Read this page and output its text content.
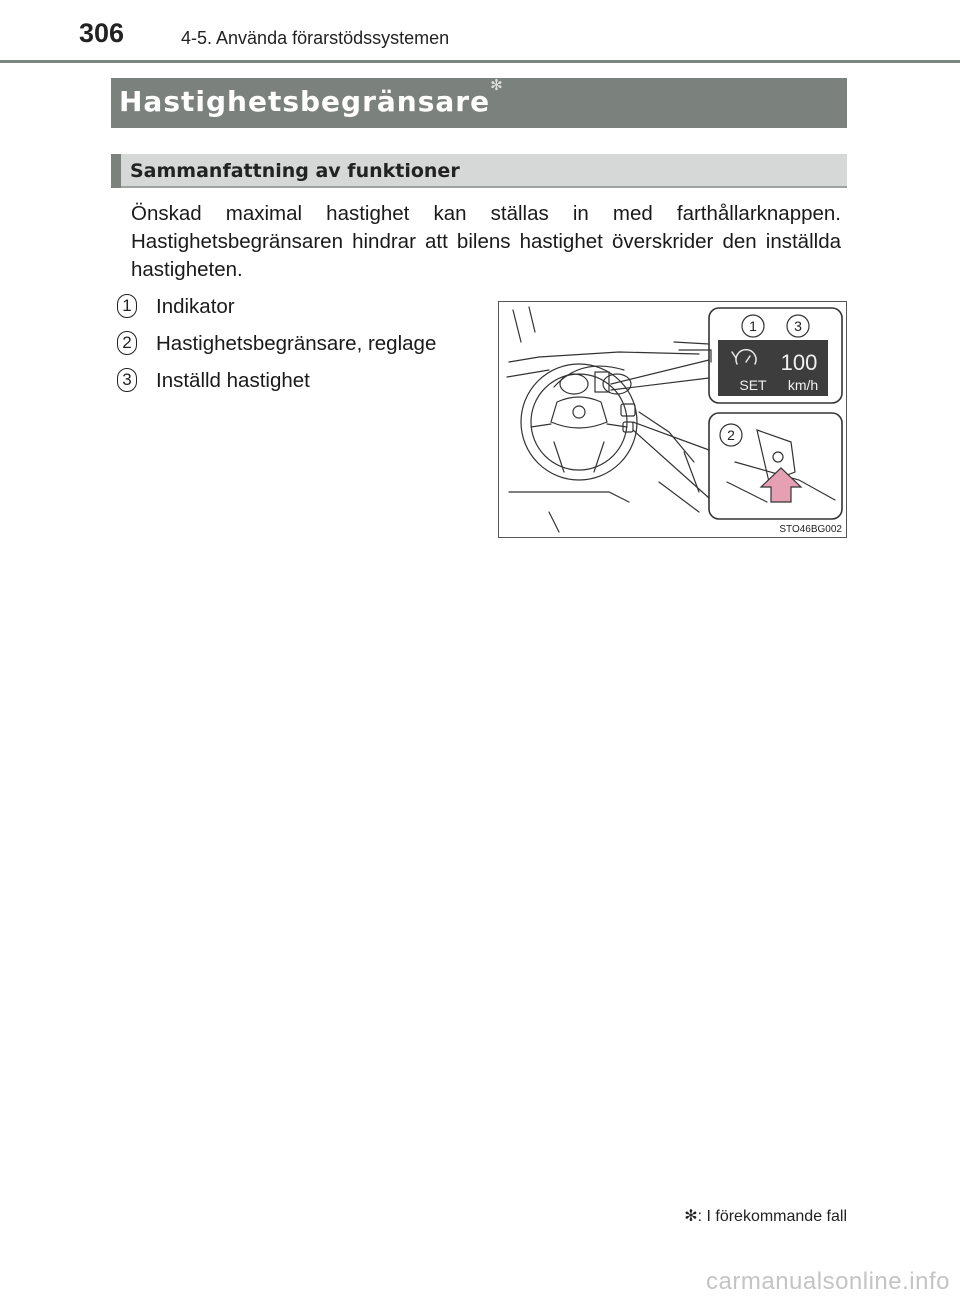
306	4-5. Använda förarstödssystemen
Hastighetsbegränsare ✻
Sammanfattning av funktioner

Önskad maximal hastighet kan ställas in med farthållarknappen. Hastighetsbegränsaren hindrar att bilens hastighet överskrider den inställda hastigheten.

1 Indikator
2 Hastighetsbegränsare, reglage
3 Inställd hastighet
1	3
2
100
SET km/h
STO46BG002
✻: I förekommande fall
carmanualsonline.info
